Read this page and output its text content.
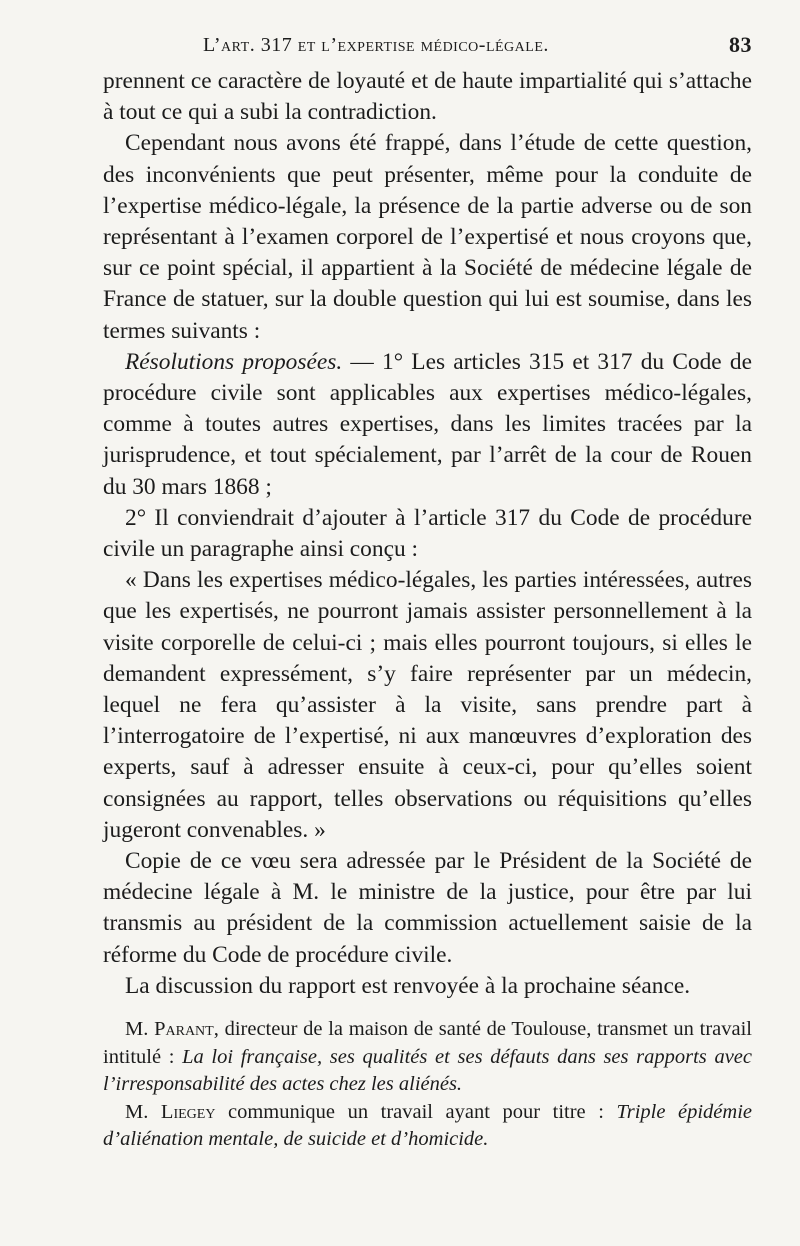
L’art. 317 et l’expertise médico-légale.	83

prennent ce caractère de loyauté et de haute impartialité qui s’attache à tout ce qui a subi la contradiction.

Cependant nous avons été frappé, dans l’étude de cette question, des inconvénients que peut présenter, même pour la conduite de l’expertise médico-légale, la présence de la partie adverse ou de son représentant à l’examen corporel de l’expertisé et nous croyons que, sur ce point spécial, il appartient à la Société de médecine légale de France de statuer, sur la double question qui lui est soumise, dans les termes suivants :

Résolutions proposées. — 1° Les articles 315 et 317 du Code de procédure civile sont applicables aux expertises médico-légales, comme à toutes autres expertises, dans les limites tracées par la jurisprudence, et tout spécialement, par l’arrêt de la cour de Rouen du 30 mars 1868 ;

2° Il conviendrait d’ajouter à l’article 317 du Code de procédure civile un paragraphe ainsi conçu :

« Dans les expertises médico-légales, les parties intéressées, autres que les expertisés, ne pourront jamais assister personnellement à la visite corporelle de celui-ci ; mais elles pourront toujours, si elles le demandent expressément, s’y faire représenter par un médecin, lequel ne fera qu’assister à la visite, sans prendre part à l’interrogatoire de l’expertisé, ni aux manœuvres d’exploration des experts, sauf à adresser ensuite à ceux-ci, pour qu’elles soient consignées au rapport, telles observations ou réquisitions qu’elles jugeront convenables. »

Copie de ce vœu sera adressée par le Président de la Société de médecine légale à M. le ministre de la justice, pour être par lui transmis au président de la commission actuellement saisie de la réforme du Code de procédure civile.

La discussion du rapport est renvoyée à la prochaine séance.

M. Parant, directeur de la maison de santé de Toulouse, transmet un travail intitulé : La loi française, ses qualités et ses défauts dans ses rapports avec l’irresponsabilité des actes chez les aliénés.

M. Liegey communique un travail ayant pour titre : Triple épidémie d’aliénation mentale, de suicide et d’homicide.
